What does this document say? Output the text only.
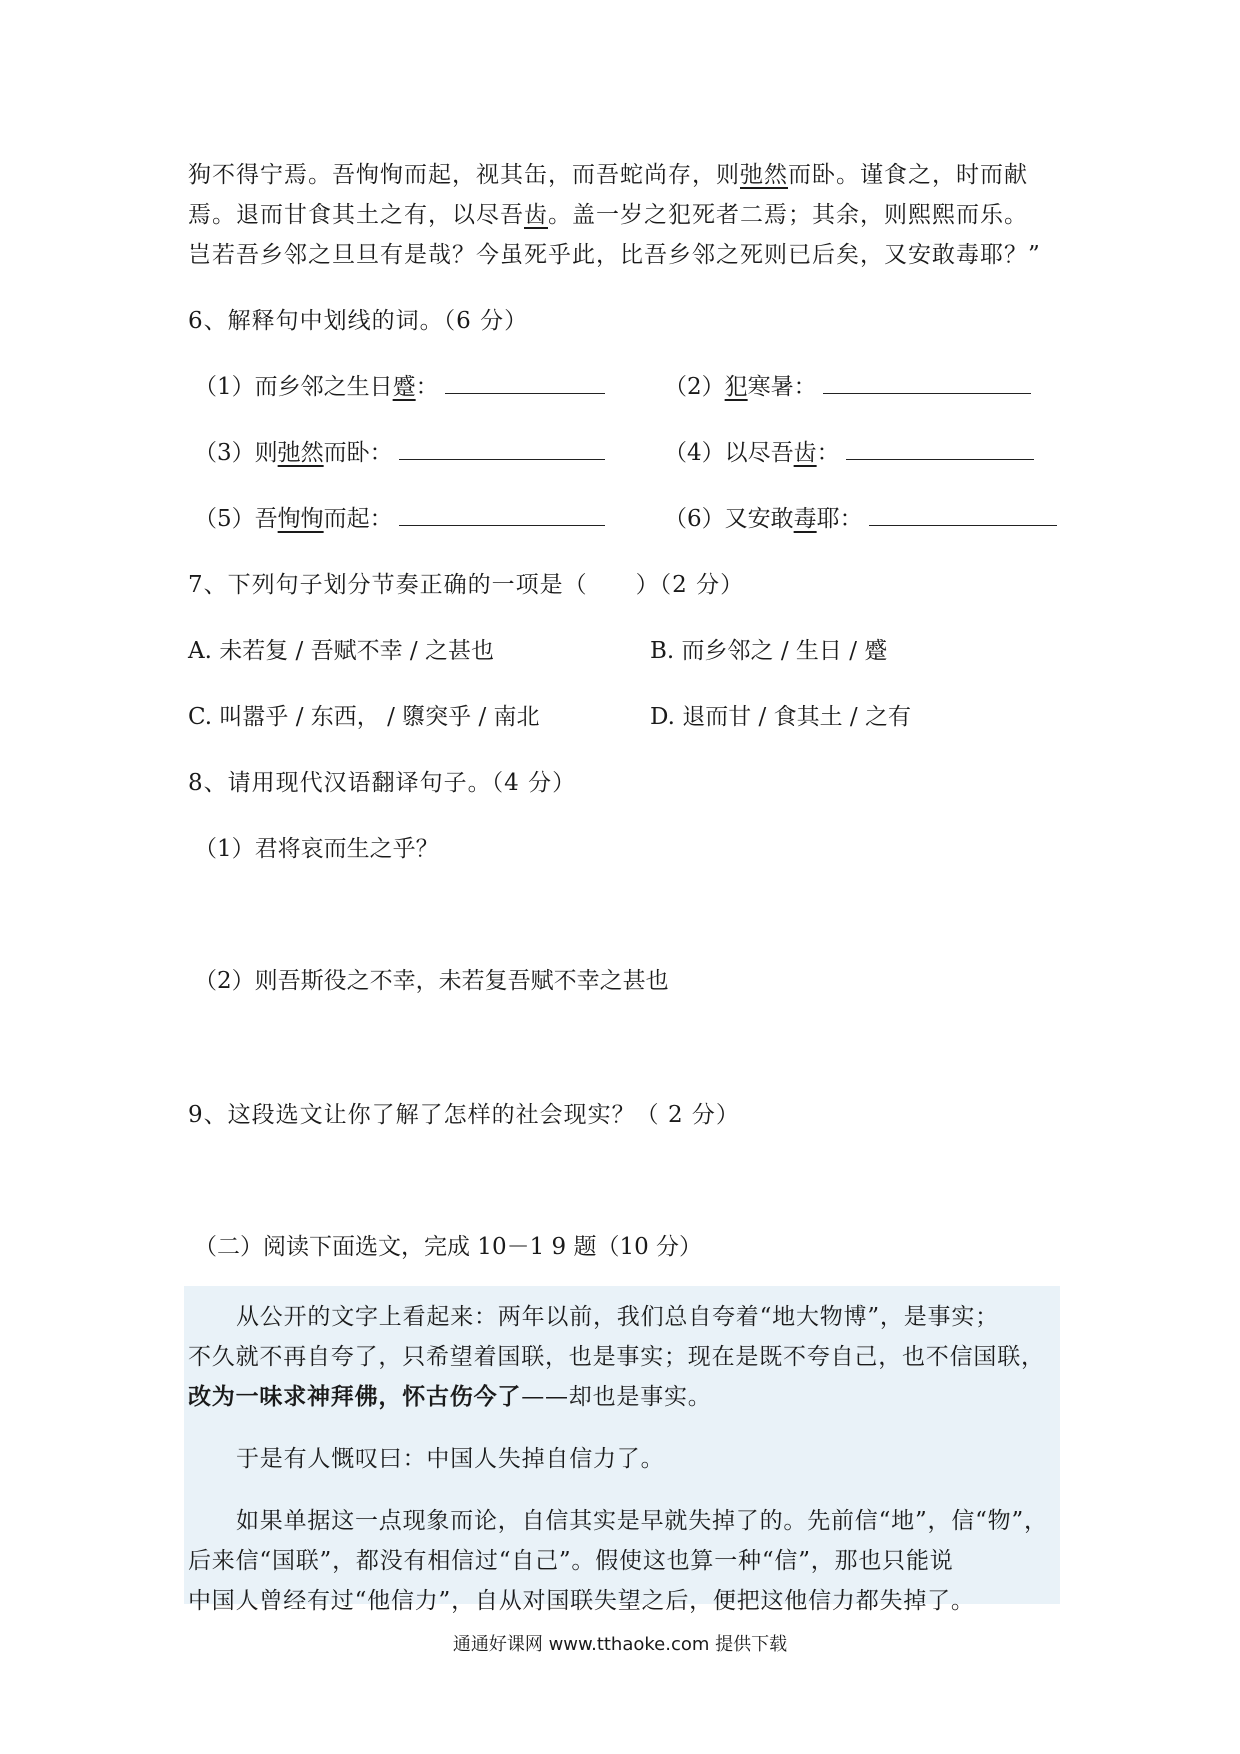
狗不得宁焉。吾恂恂而起，视其缶，而吾蛇尚存，则弛然而卧。谨食之，时而献
焉。退而甘食其土之有，以尽吾齿。盖一岁之犯死者二焉；其余，则熙熙而乐。
岂若吾乡邻之旦旦有是哉？今虽死乎此，比吾乡邻之死则已后矣，又安敢毒耶？”
6、解释句中划线的词。（6 分）
（1）而乡邻之生日蹙：	（2）犯寒暑：
（3）则弛然而卧：	（4）以尽吾齿：
（5）吾恂恂而起：	（6）又安敢毒耶：
7、下列句子划分节奏正确的一项是（　　）（2 分）
A. 未若复 / 吾赋不幸 / 之甚也	B. 而乡邻之 / 生日 / 蹙
C. 叫嚣乎 / 东西， / 隳突乎 / 南北	D. 退而甘 / 食其土 / 之有
8、请用现代汉语翻译句子。（4 分）
（1）君将哀而生之乎？
（2）则吾斯役之不幸，未若复吾赋不幸之甚也
9、这段选文让你了解了怎样的社会现实？（ 2 分）
（二）阅读下面选文，完成 10－1 9 题（10 分）
从公开的文字上看起来：两年以前，我们总自夸着“地大物博”，是事实；
不久就不再自夸了，只希望着国联，也是事实；现在是既不夸自己，也不信国联，
改为一味求神拜佛，怀古伤今了——却也是事实。
于是有人慨叹曰：中国人失掉自信力了。
如果单据这一点现象而论，自信其实是早就失掉了的。先前信“地”，信“物”，
后来信“国联”，都没有相信过“自己”。假使这也算一种“信”，那也只能说
中国人曾经有过“他信力”，自从对国联失望之后，便把这他信力都失掉了。
通通好课网 www.tthaoke.com 提供下载
